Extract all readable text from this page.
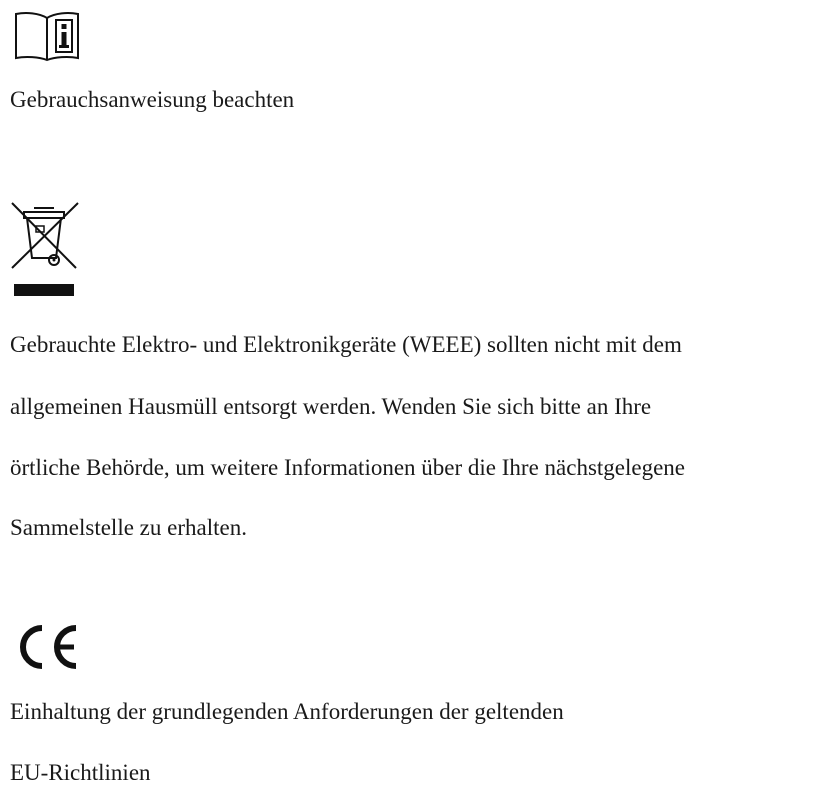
Gebrauchsanweisung beachten

Gebrauchte Elektro- und Elektronikgeräte (WEEE) sollten nicht mit dem

allgemeinen Hausmüll entsorgt werden. Wenden Sie sich bitte an Ihre

örtliche Behörde, um weitere Informationen über die Ihre nächstgelegene

Sammelstelle zu erhalten.

Einhaltung der grundlegenden Anforderungen der geltenden

EU-Richtlinien
